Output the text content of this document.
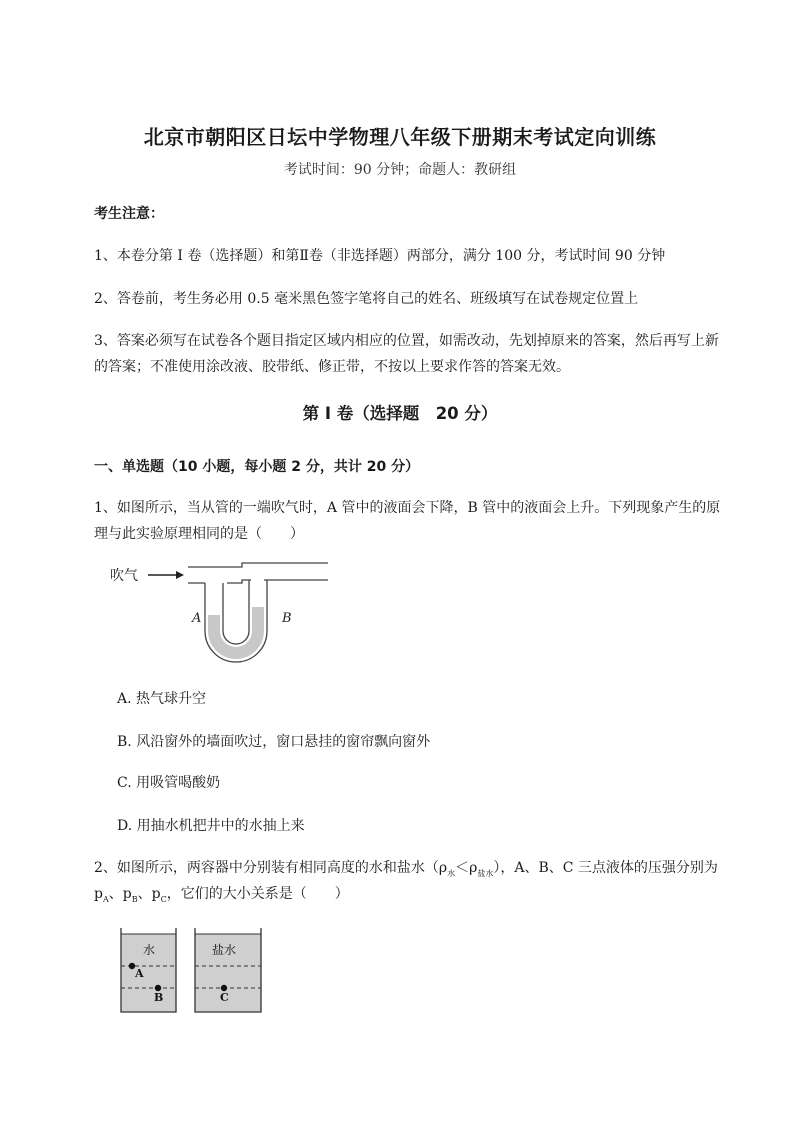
北京市朝阳区日坛中学物理八年级下册期末考试定向训练
考试时间：90 分钟；命题人：教研组
考生注意：
1、本卷分第 I 卷（选择题）和第Ⅱ卷（非选择题）两部分，满分 100 分，考试时间 90 分钟
2、答卷前，考生务必用 0.5 毫米黑色签字笔将自己的姓名、班级填写在试卷规定位置上
3、答案必须写在试卷各个题目指定区域内相应的位置，如需改动，先划掉原来的答案，然后再写上新
的答案；不准使用涂改液、胶带纸、修正带，不按以上要求作答的答案无效。
第 I 卷（选择题　20 分）
一、单选题（10 小题，每小题 2 分，共计 20 分）
1、如图所示，当从管的一端吹气时，A 管中的液面会下降，B 管中的液面会上升。下列现象产生的原
理与此实验原理相同的是（　　）
吹气
A	B
A. 热气球升空
B. 风沿窗外的墙面吹过，窗口悬挂的窗帘飘向窗外
C. 用吸管喝酸奶
D. 用抽水机把井中的水抽上来
2、如图所示，两容器中分别装有相同高度的水和盐水$(\rho_水<\rho_{盐水})$，A、B、C 三点液体的压强分别为
$p_A$、$p_B$、$p_C$，它们的大小关系是（　　）
水	盐水
A
B	C
